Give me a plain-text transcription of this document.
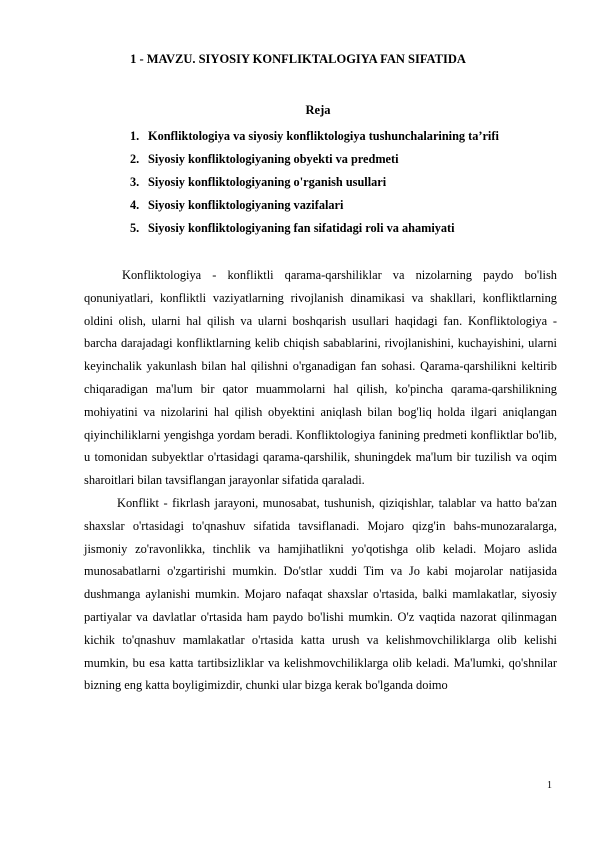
1 - MAVZU. SIYOSIY KONFLIKTALOGIYA FAN SIFATIDA
Reja
1. Konfliktologiya va siyosiy konfliktologiya tushunchalarining ta’rifi
2. Siyosiy konfliktologiyaning obyekti va predmeti
3. Siyosiy konfliktologiyaning o'rganish usullari
4. Siyosiy konfliktologiyaning vazifalari
5. Siyosiy konfliktologiyaning fan sifatidagi roli va ahamiyati

Konfliktologiya - konfliktli qarama-qarshiliklar va nizolarning paydo bo'lish qonuniyatlari, konfliktli vaziyatlarning rivojlanish dinamikasi va shakllari, konfliktlarning oldini olish, ularni hal qilish va ularni boshqarish usullari haqidagi fan. Konfliktologiya - barcha darajadagi konfliktlarning kelib chiqish sabablarini, rivojlanishini, kuchayishini, ularni keyinchalik yakunlash bilan hal qilishni o'rganadigan fan sohasi. Qarama-qarshilikni keltirib chiqaradigan ma'lum bir qator muammolarni hal qilish, ko'pincha qarama-qarshilikning mohiyatini va nizolarini hal qilish obyektini aniqlash bilan bog'liq holda ilgari aniqlangan qiyinchiliklarni yengishga yordam beradi. Konfliktologiya fanining predmeti konfliktlar bo'lib, u tomonidan subyektlar o'rtasidagi qarama-qarshilik, shuningdek ma'lum bir tuzilish va oqim sharoitlari bilan tavsiflangan jarayonlar sifatida qaraladi.

Konflikt - fikrlash jarayoni, munosabat, tushunish, qiziqishlar, talablar va hatto ba'zan shaxslar o'rtasidagi to'qnashuv sifatida tavsiflanadi. Mojaro qizg'in bahs-munozaralarga, jismoniy zo'ravonlikka, tinchlik va hamjihatlikni yo'qotishga olib keladi. Mojaro aslida munosabatlarni o'zgartirishi mumkin. Do'stlar xuddi Tim va Jo kabi mojarolar natijasida dushmanga aylanishi mumkin. Mojaro nafaqat shaxslar o'rtasida, balki mamlakatlar, siyosiy partiyalar va davlatlar o'rtasida ham paydo bo'lishi mumkin. O'z vaqtida nazorat qilinmagan kichik to'qnashuv mamlakatlar o'rtasida katta urush va kelishmovchiliklarga olib kelishi mumkin, bu esa katta tartibsizliklar va kelishmovchiliklarga olib keladi. Ma'lumki, qo'shnilar bizning eng katta boyligimizdir, chunki ular bizga kerak bo'lganda doimo

1
